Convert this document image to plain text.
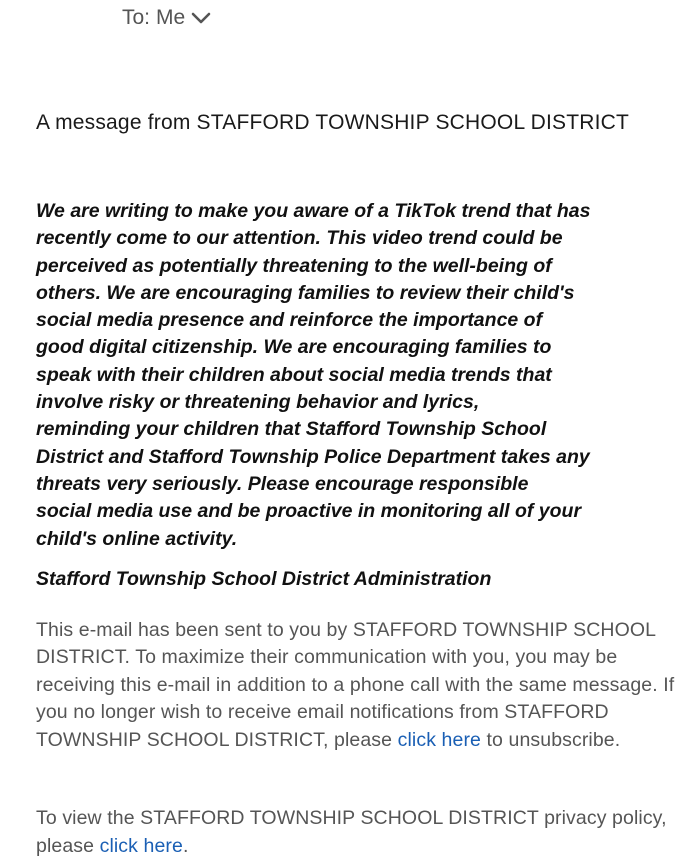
To: Me
A message from STAFFORD TOWNSHIP SCHOOL DISTRICT
We are writing to make you aware of a TikTok trend that has
recently come to our attention. This video trend could be
perceived as potentially threatening to the well-being of
others. We are encouraging families to review their child's
social media presence and reinforce the importance of
good digital citizenship. We are encouraging families to
speak with their children about social media trends that
involve risky or threatening behavior and lyrics,
reminding your children that Stafford Township School
District and Stafford Township Police Department takes any
threats very seriously. Please encourage responsible
social media use and be proactive in monitoring all of your
child's online activity.
Stafford Township School District Administration
This e-mail has been sent to you by STAFFORD TOWNSHIP SCHOOL DISTRICT. To maximize their communication with you, you may be receiving this e-mail in addition to a phone call with the same message. If you no longer wish to receive email notifications from STAFFORD TOWNSHIP SCHOOL DISTRICT, please click here to unsubscribe.
To view the STAFFORD TOWNSHIP SCHOOL DISTRICT privacy policy, please click here.
